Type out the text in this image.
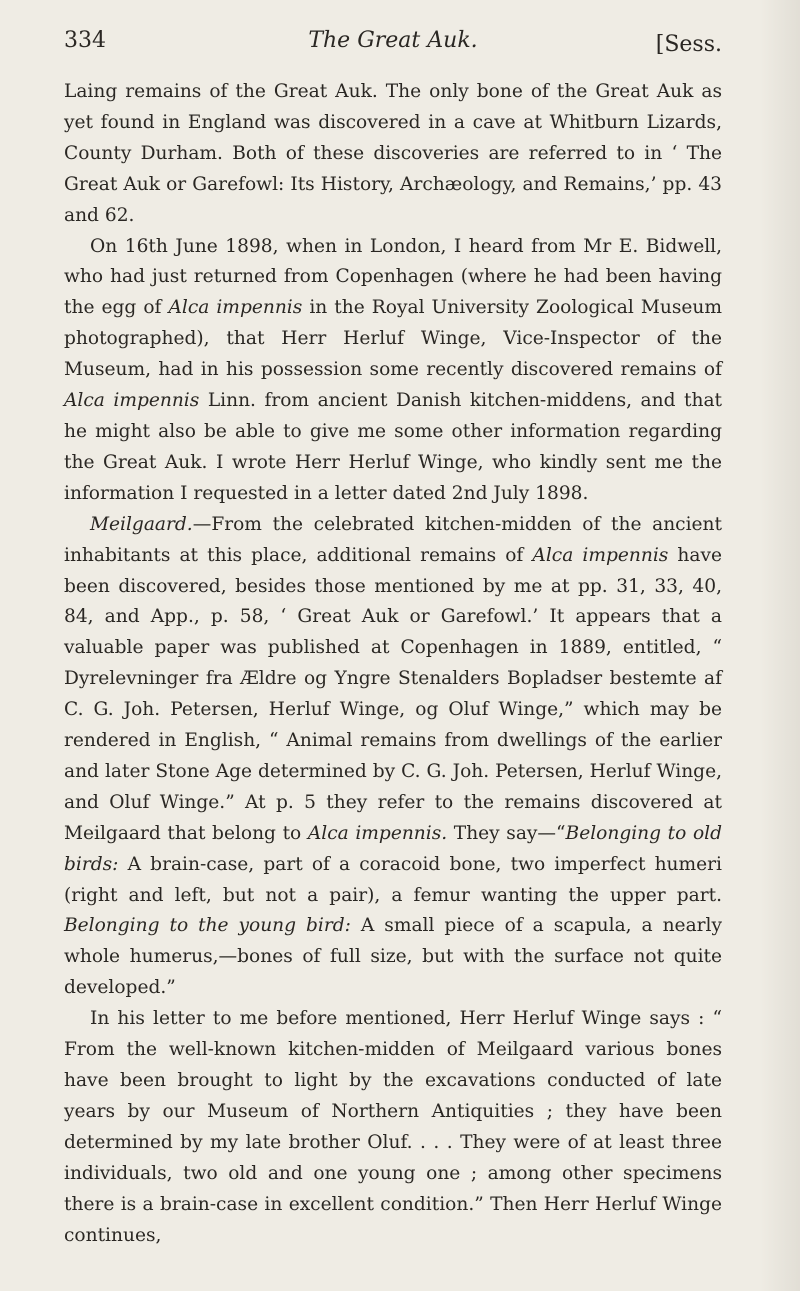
334	The Great Auk.	[Sess.

Laing remains of the Great Auk. The only bone of the Great Auk as yet found in England was discovered in a cave at Whitburn Lizards, County Durham. Both of these discoveries are referred to in ‘ The Great Auk or Garefowl: Its History, Archæology, and Remains,’ pp. 43 and 62.

On 16th June 1898, when in London, I heard from Mr E. Bidwell, who had just returned from Copenhagen (where he had been having the egg of Alca impennis in the Royal University Zoological Museum photographed), that Herr Herluf Winge, Vice-Inspector of the Museum, had in his possession some recently discovered remains of Alca impennis Linn. from ancient Danish kitchen-middens, and that he might also be able to give me some other information regarding the Great Auk. I wrote Herr Herluf Winge, who kindly sent me the information I requested in a letter dated 2nd July 1898.

Meilgaard.—From the celebrated kitchen-midden of the ancient inhabitants at this place, additional remains of Alca impennis have been discovered, besides those mentioned by me at pp. 31, 33, 40, 84, and App., p. 58, ‘ Great Auk or Garefowl.’ It appears that a valuable paper was published at Copenhagen in 1889, entitled, “ Dyrelevninger fra Ældre og Yngre Stenalders Bopladser bestemte af C. G. Joh. Petersen, Herluf Winge, og Oluf Winge,” which may be rendered in English, “ Animal remains from dwellings of the earlier and later Stone Age determined by C. G. Joh. Petersen, Herluf Winge, and Oluf Winge.” At p. 5 they refer to the remains discovered at Meilgaard that belong to Alca impennis. They say—“Belonging to old birds: A brain-case, part of a coracoid bone, two imperfect humeri (right and left, but not a pair), a femur wanting the upper part. Belonging to the young bird: A small piece of a scapula, a nearly whole humerus,—bones of full size, but with the surface not quite developed.”

In his letter to me before mentioned, Herr Herluf Winge says : “ From the well-known kitchen-midden of Meilgaard various bones have been brought to light by the excavations conducted of late years by our Museum of Northern Antiquities ; they have been determined by my late brother Oluf. . . . They were of at least three individuals, two old and one young one ; among other specimens there is a brain-case in excellent condition.” Then Herr Herluf Winge continues,
